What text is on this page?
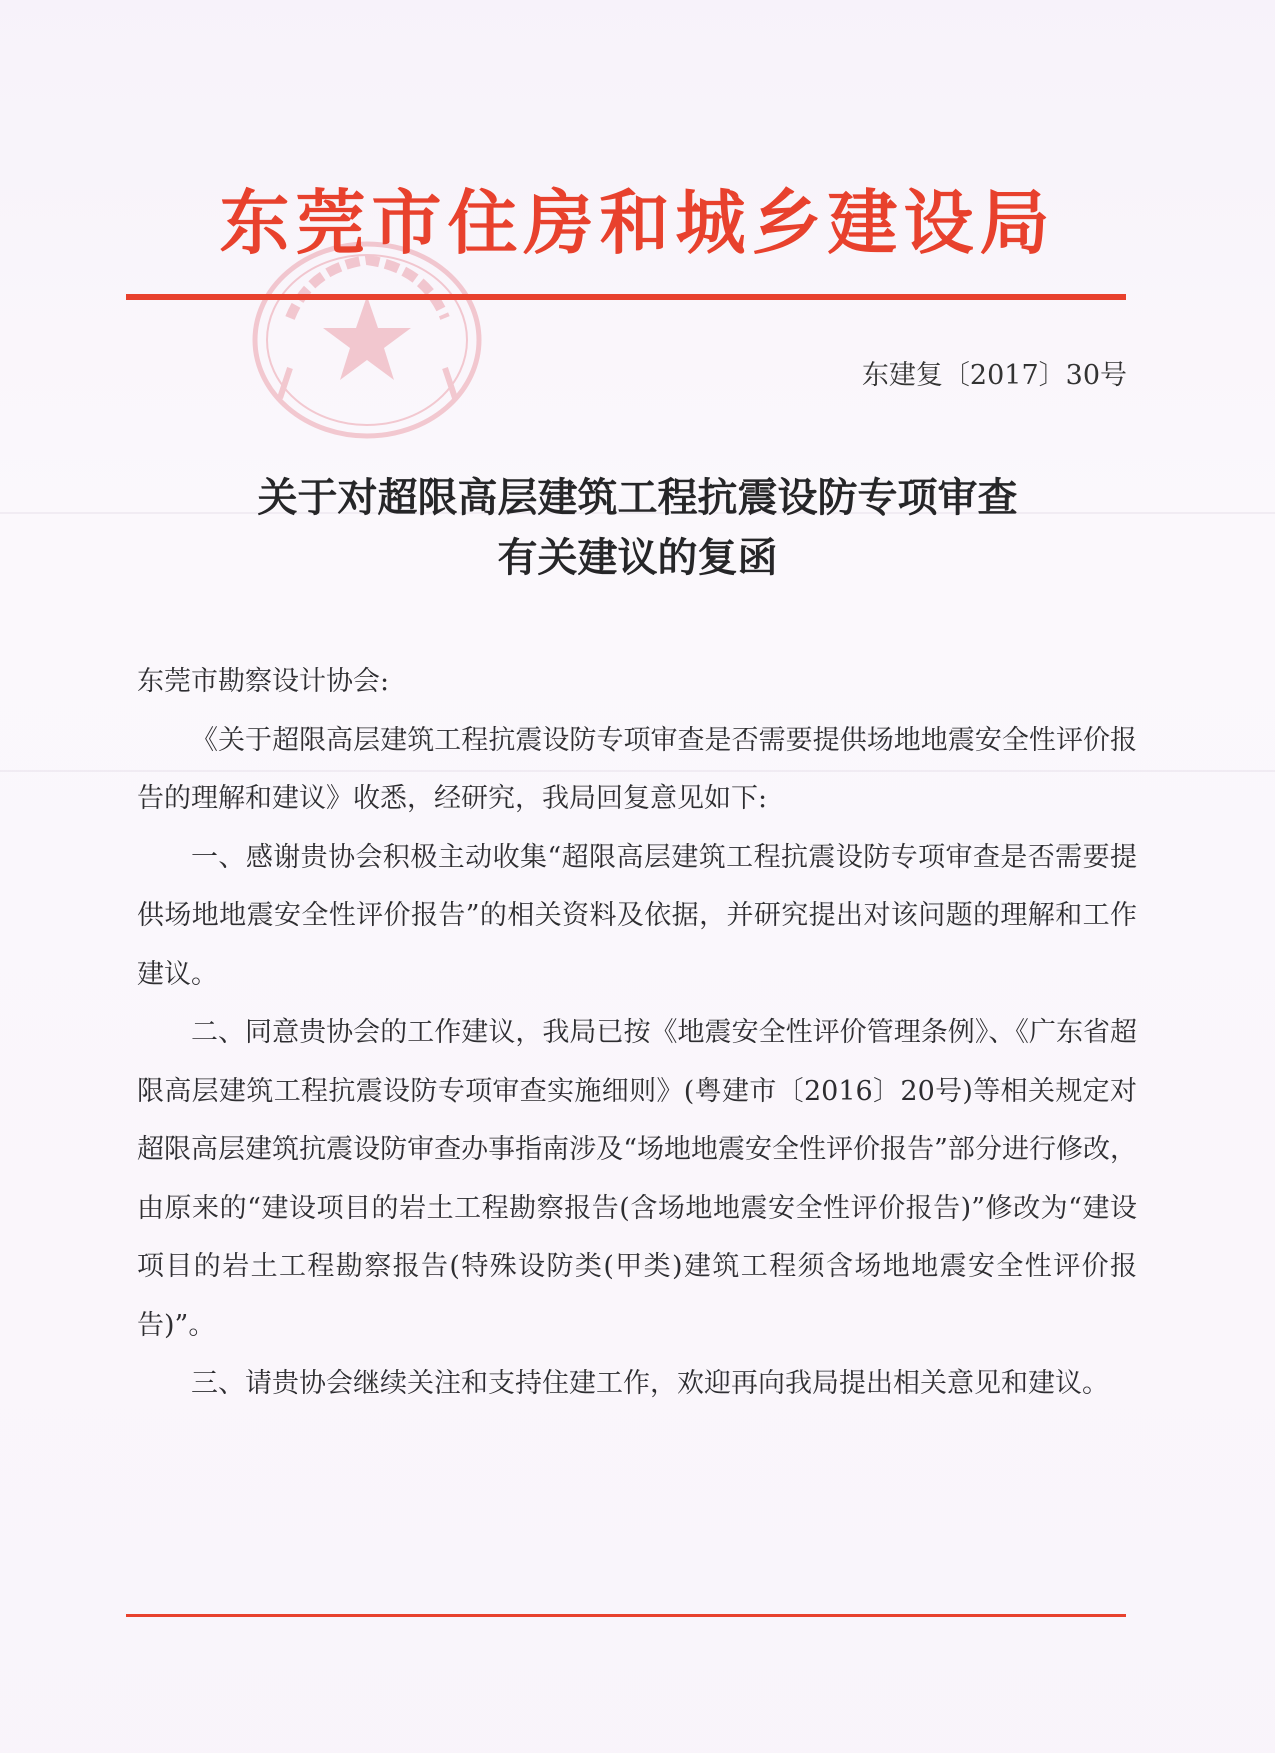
东莞市住房和城乡建设局
东建复〔2017〕30号
关于对超限高层建筑工程抗震设防专项审查
有关建议的复函

东莞市勘察设计协会:

《关于超限高层建筑工程抗震设防专项审查是否需要提供场地地震安全性评价报告的理解和建议》收悉，经研究，我局回复意见如下:

一、感谢贵协会积极主动收集“超限高层建筑工程抗震设防专项审查是否需要提供场地地震安全性评价报告”的相关资料及依据，并研究提出对该问题的理解和工作建议。

二、同意贵协会的工作建议，我局已按《地震安全性评价管理条例》、《广东省超限高层建筑工程抗震设防专项审查实施细则》(粤建市〔2016〕20号)等相关规定对超限高层建筑抗震设防审查办事指南涉及“场地地震安全性评价报告”部分进行修改，由原来的“建设项目的岩土工程勘察报告(含场地地震安全性评价报告)”修改为“建设项目的岩土工程勘察报告(特殊设防类(甲类)建筑工程须含场地地震安全性评价报告)”。

三、请贵协会继续关注和支持住建工作，欢迎再向我局提出相关意见和建议。
